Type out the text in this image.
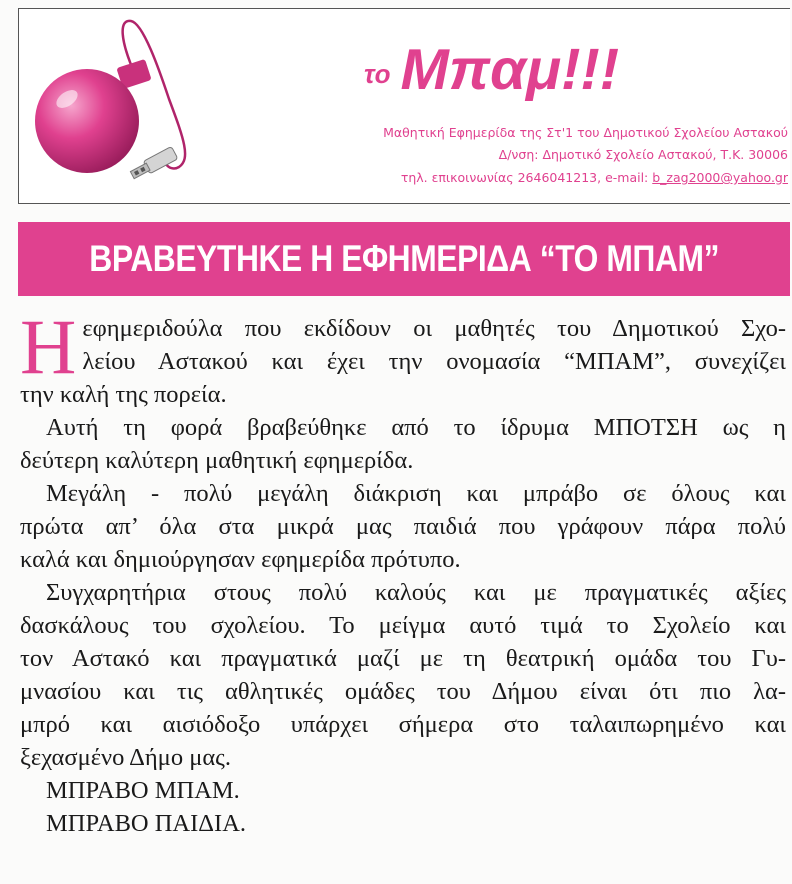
το Μπαμ!!!
Μαθητική Εφημερίδα της Στ'1 του Δημοτικού Σχολείου Αστακού
Δ/νση: Δημοτικό Σχολείο Αστακού, Τ.Κ. 30006
τηλ. επικοινωνίας 2646041213, e-mail: b_zag2000@yahoo.gr
ΒΡΑΒΕΥΤΗΚΕ Η ΕΦΗΜΕΡΙΔΑ “ΤΟ ΜΠΑΜ”

Η εφημεριδούλα που εκδίδουν οι μαθητές του Δημοτικού Σχο-
λείου Αστακού και έχει την ονομασία “ΜΠΑΜ”, συνεχίζει
την καλή της πορεία.

Αυτή τη φορά βραβεύθηκε από το ίδρυμα ΜΠΟΤΣΗ ως η
δεύτερη καλύτερη μαθητική εφημερίδα.

Μεγάλη - πολύ μεγάλη διάκριση και μπράβο σε όλους και
πρώτα απ’ όλα στα μικρά μας παιδιά που γράφουν πάρα πολύ
καλά και δημιούργησαν εφημερίδα πρότυπο.

Συγχαρητήρια στους πολύ καλούς και με πραγματικές αξίες
δασκάλους του σχολείου. Το μείγμα αυτό τιμά το Σχολείο και
τον Αστακό και πραγματικά μαζί με τη θεατρική ομάδα του Γυ-
μνασίου και τις αθλητικές ομάδες του Δήμου είναι ότι πιο λα-
μπρό και αισιόδοξο υπάρχει σήμερα στο ταλαιπωρημένο και
ξεχασμένο Δήμο μας.

ΜΠΡΑΒΟ ΜΠΑΜ.
ΜΠΡΑΒΟ ΠΑΙΔΙΑ.
